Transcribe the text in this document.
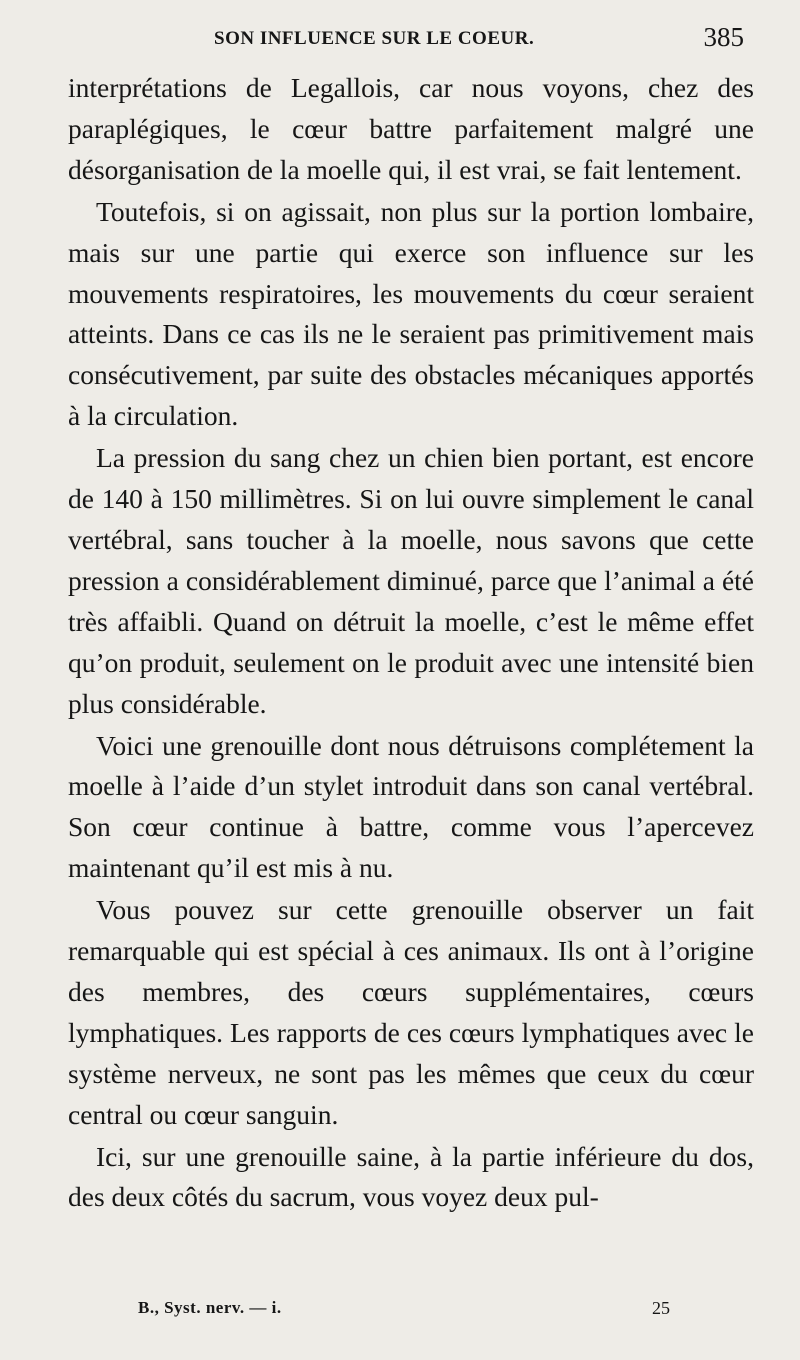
SON INFLUENCE SUR LE COEUR.	385

interprétations de Legallois, car nous voyons, chez des paraplégiques, le cœur battre parfaitement malgré une désorganisation de la moelle qui, il est vrai, se fait lentement.

Toutefois, si on agissait, non plus sur la portion lombaire, mais sur une partie qui exerce son influence sur les mouvements respiratoires, les mouvements du cœur seraient atteints. Dans ce cas ils ne le seraient pas primitivement mais consécutivement, par suite des obstacles mécaniques apportés à la circulation.

La pression du sang chez un chien bien portant, est encore de 140 à 150 millimètres. Si on lui ouvre simplement le canal vertébral, sans toucher à la moelle, nous savons que cette pression a considérablement diminué, parce que l’animal a été très affaibli. Quand on détruit la moelle, c’est le même effet qu’on produit, seulement on le produit avec une intensité bien plus considérable.

Voici une grenouille dont nous détruisons complétement la moelle à l’aide d’un stylet introduit dans son canal vertébral. Son cœur continue à battre, comme vous l’apercevez maintenant qu’il est mis à nu.

Vous pouvez sur cette grenouille observer un fait remarquable qui est spécial à ces animaux. Ils ont à l’origine des membres, des cœurs supplémentaires, cœurs lymphatiques. Les rapports de ces cœurs lymphatiques avec le système nerveux, ne sont pas les mêmes que ceux du cœur central ou cœur sanguin.

Ici, sur une grenouille saine, à la partie inférieure du dos, des deux côtés du sacrum, vous voyez deux pul-

B., Syst. nerv. — i.	25
